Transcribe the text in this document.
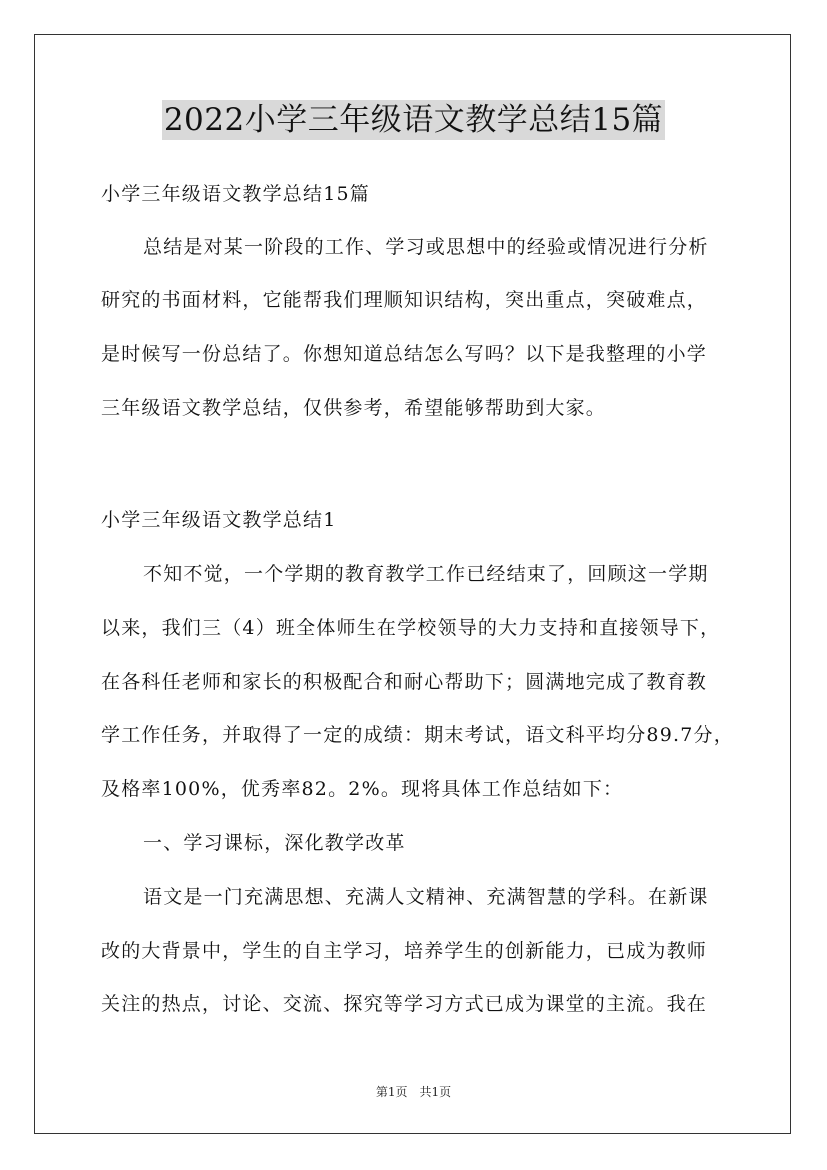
2022小学三年级语文教学总结15篇
小学三年级语文教学总结15篇
总结是对某一阶段的工作、学习或思想中的经验或情况进行分析
研究的书面材料，它能帮我们理顺知识结构，突出重点，突破难点，
是时候写一份总结了。你想知道总结怎么写吗？以下是我整理的小学
三年级语文教学总结，仅供参考，希望能够帮助到大家。
小学三年级语文教学总结1
不知不觉，一个学期的教育教学工作已经结束了，回顾这一学期
以来，我们三（4）班全体师生在学校领导的大力支持和直接领导下，
在各科任老师和家长的积极配合和耐心帮助下；圆满地完成了教育教
学工作任务，并取得了一定的成绩：期末考试，语文科平均分89.7分，
及格率100%，优秀率82。2%。现将具体工作总结如下：
一、学习课标，深化教学改革
语文是一门充满思想、充满人文精神、充满智慧的学科。在新课
改的大背景中，学生的自主学习，培养学生的创新能力，已成为教师
关注的热点，讨论、交流、探究等学习方式已成为课堂的主流。我在
第1页　共1页
